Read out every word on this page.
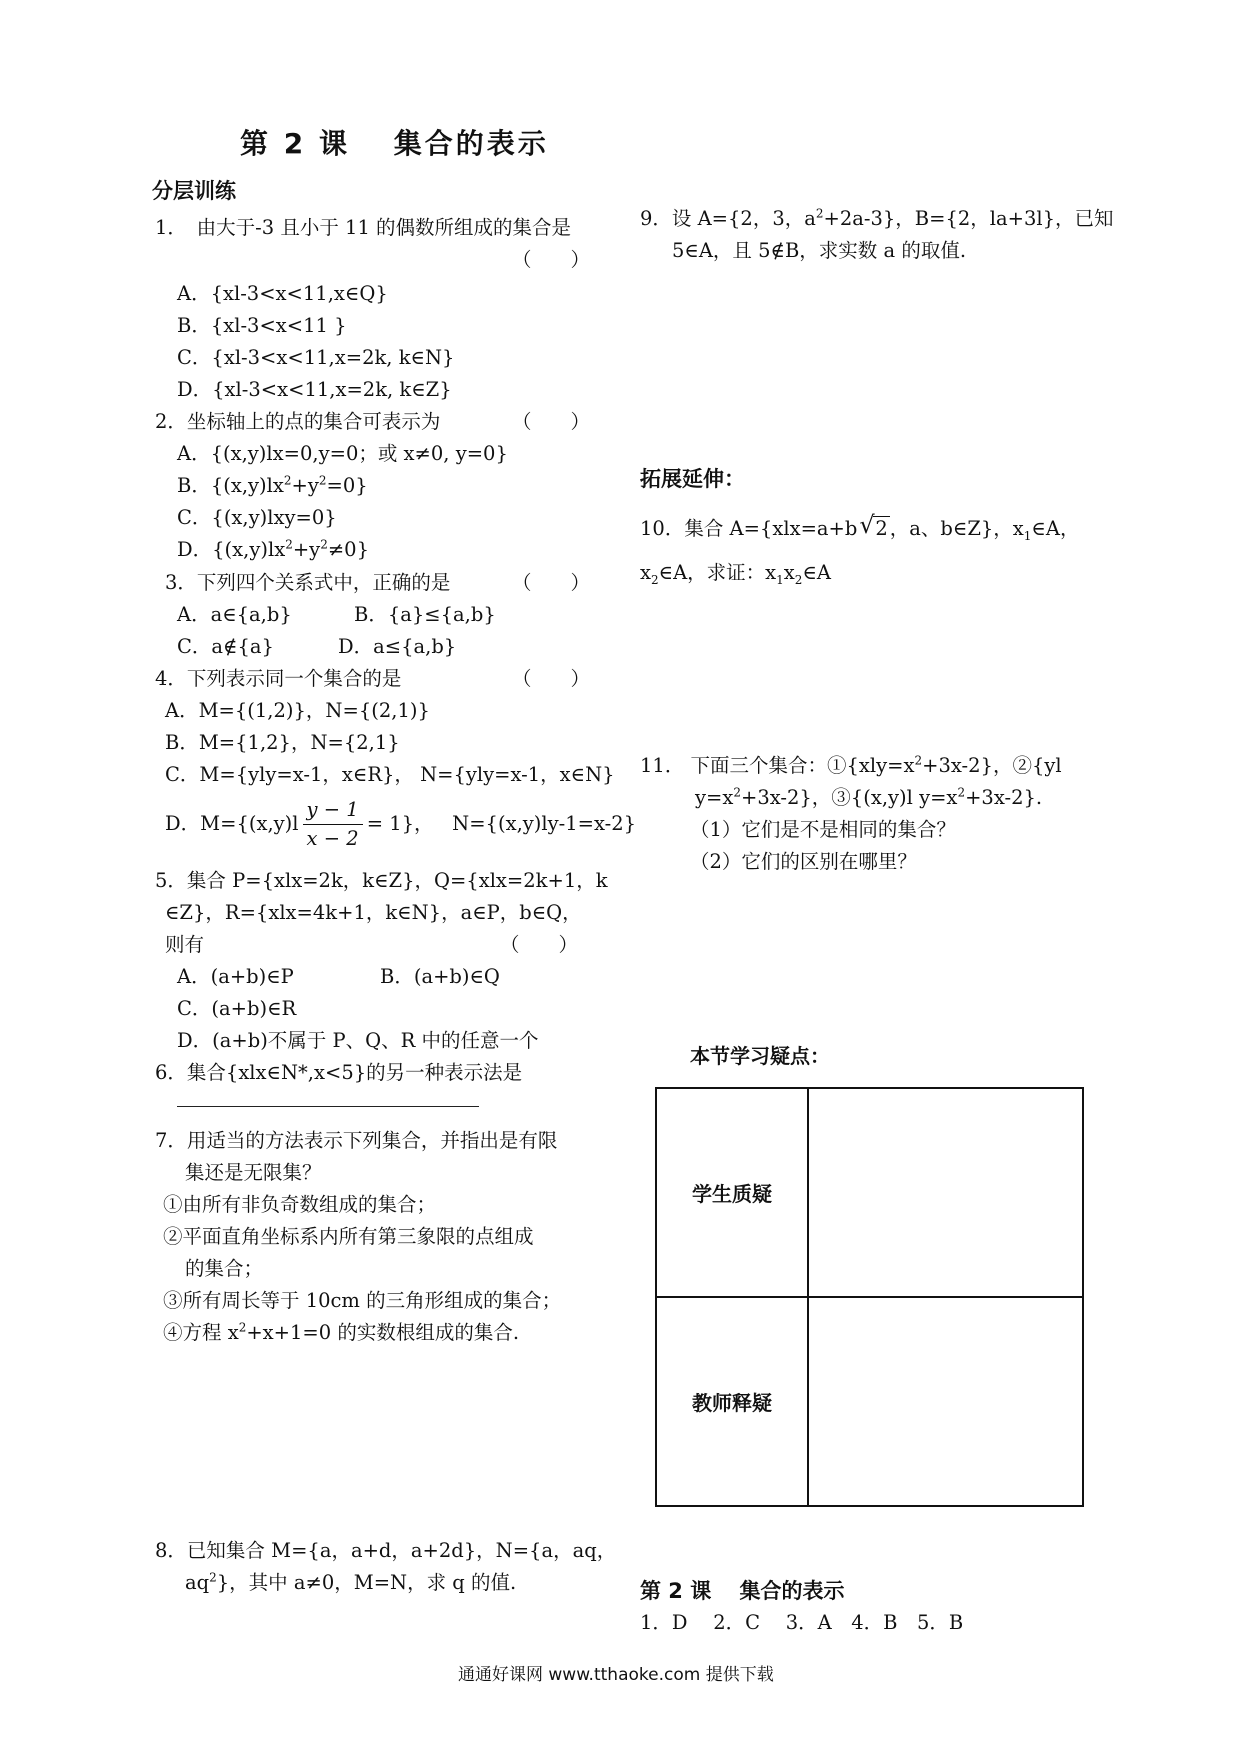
第 2 课　 集合的表示
分层训练
1．　由大于-3 且小于 11 的偶数所组成的集合是
（　　）
A．{xl-3<x<11,x∈Q}
B．{xl-3<x<11 }
C．{xl-3<x<11,x=2k, k∈N}
D．{xl-3<x<11,x=2k, k∈Z}
2．坐标轴上的点的集合可表示为	（　　）
A．{(x,y)lx=0,y=0；或 x≠0, y=0}
B．$\{(x,y)lx^2+y^2=0\}$
C．{(x,y)lxy=0}
D．$\{(x,y)lx^2+y^2\ne 0\}$
3．下列四个关系式中，正确的是	（　　）
A．a∈{a,b}	B．{a}≤{a,b}
C．a∉{a}	D．a≤{a,b}
4．下列表示同一个集合的是	（　　）
A．M={(1,2)}，N={(2,1)}
B．M={1,2}，N={2,1}
C．M={yly=x-1，x∈R}， N={yly=x-1，x∈N}
D．$M=\{(x,y)l \frac{y - 1}{x - 2} = 1\}$， N={(x,y)ly-1=x-2}
5．集合 P={xlx=2k，k∈Z}，Q={xlx=2k+1，k
∈Z}，R={xlx=4k+1，k∈N}，a∈P，b∈Q，
则有	（　　）
A．(a+b)∈P	B．(a+b)∈Q
C．(a+b)∈R
D．(a+b)不属于 P、Q、R 中的任意一个
6．集合{xlx∈N*,x<5}的另一种表示法是
7．用适当的方法表示下列集合，并指出是有限
集还是无限集？
①由所有非负奇数组成的集合；
②平面直角坐标系内所有第三象限的点组成
的集合；
③所有周长等于 10cm 的三角形组成的集合；
④方程 $x^2+x+1=0$ 的实数根组成的集合.
8．已知集合 M={a，a+d，a+2d}，N={a，aq，
$aq^2$}，其中 a≠0，M=N，求 q 的值.
9．设 A={2，3，$a^2+2a-3$}，B={2，la+3l}，已知
5∈A，且 5∉B，求实数 a 的取值.
拓展延伸：
10．集合 A={xlx=a+b√ 2 ，a、b∈Z}，$x_1\in A$，
$x_2\in A$，求证：$x_1x_2\in A$
11． 下面三个集合：$①\{xly=x^2+3x-2\}$，②{yl
$y=x^2+3x-2$}，③{(x,y)l $y=x^2+3x-2$}.
（1）它们是不是相同的集合？
（2）它们的区别在哪里？
本节学习疑点：
学生质疑	
教师释疑	
第 2 课　 集合的表示
1．D　 2．C　 3．A　4．B　5．B
通通好课网 www.tthaoke.com 提供下载
